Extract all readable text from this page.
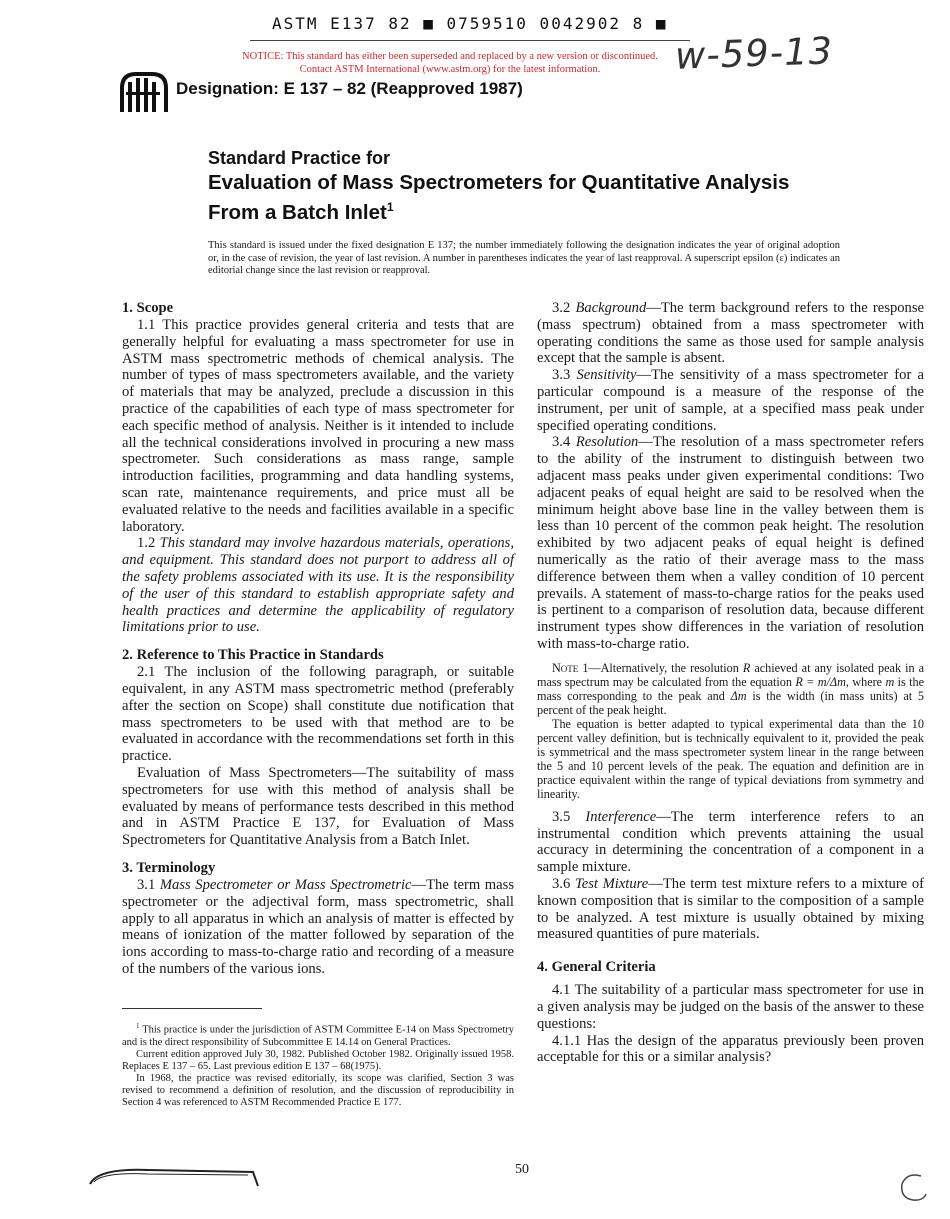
ASTM E137 82 ■ 0759510 0042902 8 ■
NOTICE: This standard has either been superseded and replaced by a new version or discontinued.
Contact ASTM International (www.astm.org) for the latest information.	w-59-13
Designation: E 137 – 82 (Reapproved 1987)
Standard Practice for
Evaluation of Mass Spectrometers for Quantitative Analysis
From a Batch Inlet$^1$
This standard is issued under the fixed designation E 137; the number immediately following the designation indicates the year of original adoption or, in the case of revision, the year of last revision. A number in parentheses indicates the year of last reapproval. A superscript epsilon (ε) indicates an editorial change since the last revision or reapproval.
1. Scope

1.1 This practice provides general criteria and tests that are generally helpful for evaluating a mass spectrometer for use in ASTM mass spectrometric methods of chemical analysis. The number of types of mass spectrometers available, and the variety of materials that may be analyzed, preclude a discussion in this practice of the capabilities of each type of mass spectrometer for each specific method of analysis. Neither is it intended to include all the technical considerations involved in procuring a new mass spectrometer. Such considerations as mass range, sample introduction facilities, programming and data handling systems, scan rate, maintenance requirements, and price must all be evaluated relative to the needs and facilities available in a specific laboratory.

1.2 This standard may involve hazardous materials, operations, and equipment. This standard does not purport to address all of the safety problems associated with its use. It is the responsibility of the user of this standard to establish appropriate safety and health practices and determine the applicability of regulatory limitations prior to use.

2. Reference to This Practice in Standards

2.1 The inclusion of the following paragraph, or suitable equivalent, in any ASTM mass spectrometric method (preferably after the section on Scope) shall constitute due notification that mass spectrometers to be used with that method are to be evaluated in accordance with the recommendations set forth in this practice.

Evaluation of Mass Spectrometers—The suitability of mass spectrometers for use with this method of analysis shall be evaluated by means of performance tests described in this method and in ASTM Practice E 137, for Evaluation of Mass Spectrometers for Quantitative Analysis from a Batch Inlet.

3. Terminology

3.1 Mass Spectrometer or Mass Spectrometric—The term mass spectrometer or the adjectival form, mass spectrometric, shall apply to all apparatus in which an analysis of matter is effected by means of ionization of the matter followed by separation of the ions according to mass-to-charge ratio and recording of a measure of the numbers of the various ions.

$^1$ This practice is under the jurisdiction of ASTM Committee E-14 on Mass Spectrometry and is the direct responsibility of Subcommittee E 14.14 on General Practices.

Current edition approved July 30, 1982. Published October 1982. Originally issued 1958. Replaces E 137 – 65. Last previous edition E 137 – 68(1975).

In 1968, the practice was revised editorially, its scope was clarified, Section 3 was revised to recommend a definition of resolution, and the discussion of reproducibility in Section 4 was referenced to ASTM Recommended Practice E 177.

3.2 Background—The term background refers to the response (mass spectrum) obtained from a mass spectrometer with operating conditions the same as those used for sample analysis except that the sample is absent.

3.3 Sensitivity—The sensitivity of a mass spectrometer for a particular compound is a measure of the response of the instrument, per unit of sample, at a specified mass peak under specified operating conditions.

3.4 Resolution—The resolution of a mass spectrometer refers to the ability of the instrument to distinguish between two adjacent mass peaks under given experimental conditions: Two adjacent peaks of equal height are said to be resolved when the minimum height above base line in the valley between them is less than 10 percent of the common peak height. The resolution exhibited by two adjacent peaks of equal height is defined numerically as the ratio of their average mass to the mass difference between them when a valley condition of 10 percent prevails. A statement of mass-to-charge ratios for the peaks used is pertinent to a comparison of resolution data, because different instrument types show differences in the variation of resolution with mass-to-charge ratio.

Note 1—Alternatively, the resolution R achieved at any isolated peak in a mass spectrum may be calculated from the equation R = m/Δm, where m is the mass corresponding to the peak and Δm is the width (in mass units) at 5 percent of the peak height.

The equation is better adapted to typical experimental data than the 10 percent valley definition, but is technically equivalent to it, provided the peak is symmetrical and the mass spectrometer system linear in the range between the 5 and 10 percent levels of the peak. The equation and definition are in practice equivalent within the range of typical deviations from symmetry and linearity.

3.5 Interference—The term interference refers to an instrumental condition which prevents attaining the usual accuracy in determining the concentration of a component in a sample mixture.

3.6 Test Mixture—The term test mixture refers to a mixture of known composition that is similar to the composition of a sample to be analyzed. A test mixture is usually obtained by mixing measured quantities of pure materials.

4. General Criteria

4.1 The suitability of a particular mass spectrometer for use in a given analysis may be judged on the basis of the answer to these questions:

4.1.1 Has the design of the apparatus previously been proven acceptable for this or a similar analysis?

50
